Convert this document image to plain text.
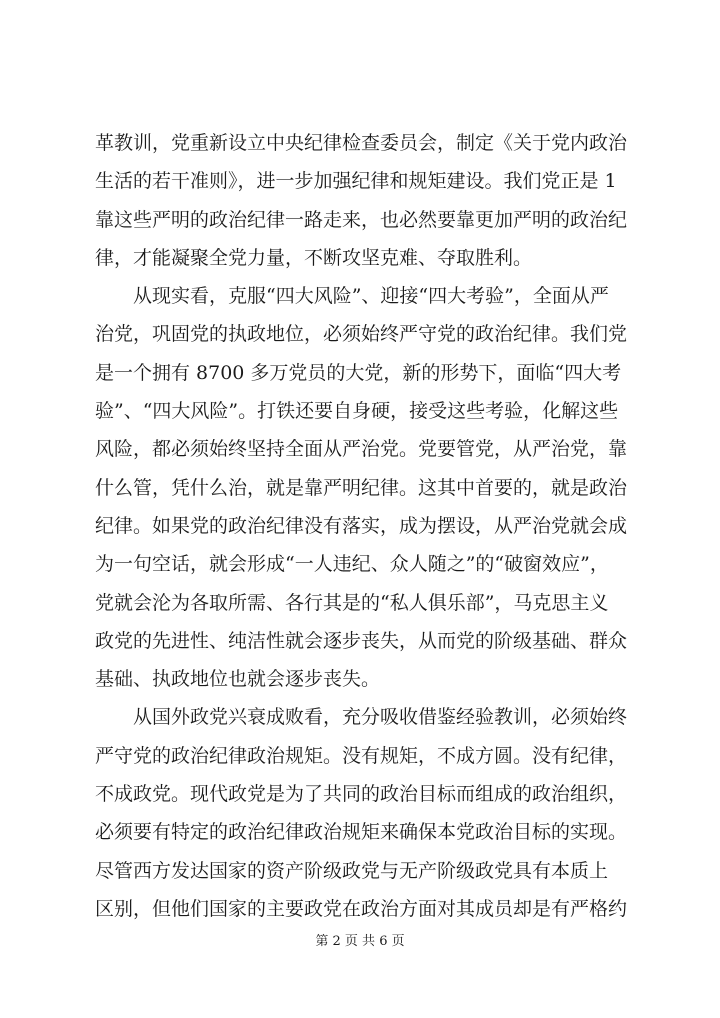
革教训，党重新设立中央纪律检查委员会，制定《关于党内政治
生活的若干准则》，进一步加强纪律和规矩建设。我们党正是 1
靠这些严明的政治纪律一路走来，也必然要靠更加严明的政治纪
律，才能凝聚全党力量，不断攻坚克难、夺取胜利。
从现实看，克服“四大风险”、迎接“四大考验”，全面从严
治党，巩固党的执政地位，必须始终严守党的政治纪律。我们党
是一个拥有 8700 多万党员的大党，新的形势下，面临“四大考
验”、“四大风险”。打铁还要自身硬，接受这些考验，化解这些
风险，都必须始终坚持全面从严治党。党要管党，从严治党，靠
什么管，凭什么治，就是靠严明纪律。这其中首要的，就是政治
纪律。如果党的政治纪律没有落实，成为摆设，从严治党就会成
为一句空话，就会形成“一人违纪、众人随之”的“破窗效应”，
党就会沦为各取所需、各行其是的“私人俱乐部”，马克思主义
政党的先进性、纯洁性就会逐步丧失，从而党的阶级基础、群众
基础、执政地位也就会逐步丧失。
从国外政党兴衰成败看，充分吸收借鉴经验教训，必须始终
严守党的政治纪律政治规矩。没有规矩，不成方圆。没有纪律，
不成政党。现代政党是为了共同的政治目标而组成的政治组织，
必须要有特定的政治纪律政治规矩来确保本党政治目标的实现。
尽管西方发达国家的资产阶级政党与无产阶级政党具有本质上
区别，但他们国家的主要政党在政治方面对其成员却是有严格约
第 2 页 共 6 页
